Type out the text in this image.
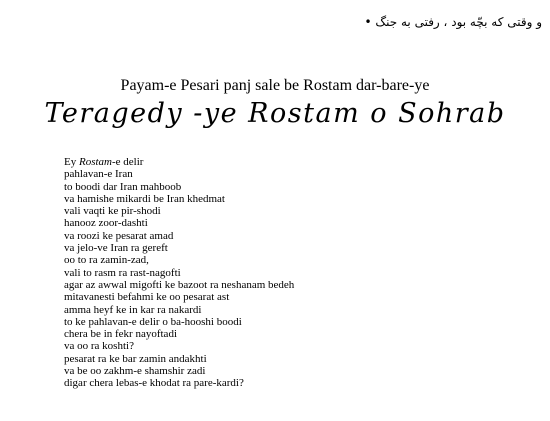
و وقتی که بچّه بود ، رفتی به جنگ •
Payam-e Pesari panj sale be Rostam dar-bare-ye
Teragedy -ye Rostam o Sohrab
Ey Rostam-e delir
pahlavan-e Iran
to boodi dar Iran mahboob
va hamishe mikardi be Iran khedmat
vali vaqti ke pir-shodi
hanooz zoor-dashti
va roozi ke pesarat amad
va jelo-ve Iran ra gereft
oo to ra zamin-zad,
vali to rasm ra rast-nagofti
agar az awwal migofti ke bazoot ra neshanam bedeh
mitavanesti befahmi ke oo pesarat ast
amma heyf ke in kar ra nakardi
to ke pahlavan-e delir o ba-hooshi boodi
chera be in fekr nayoftadi
va oo ra koshti?
pesarat ra ke bar zamin andakhti
va be oo zakhm-e shamshir zadi
digar chera lebas-e khodat ra pare-kardi?
